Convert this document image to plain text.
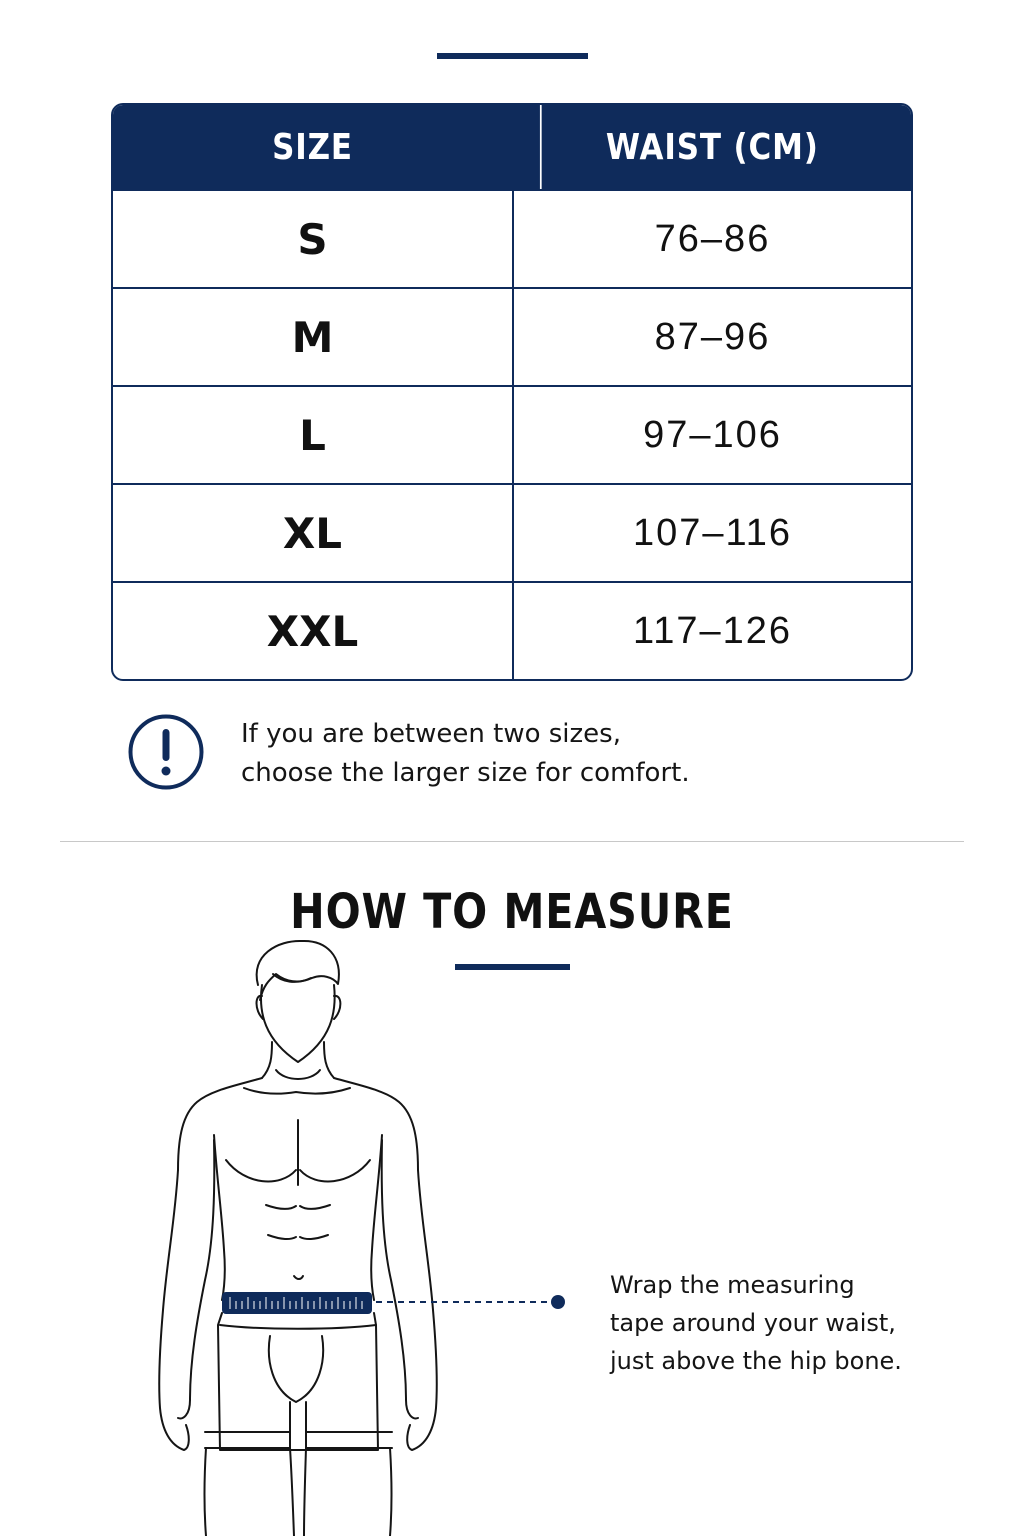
SIZE	WAIST (CM)
S	76–86
M	87–96
L	97–106
XL	107–116
XXL	117–126
If you are between two sizes,
choose the larger size for comfort.
HOW TO MEASURE
Wrap the measuring
tape around your waist,
just above the hip bone.
